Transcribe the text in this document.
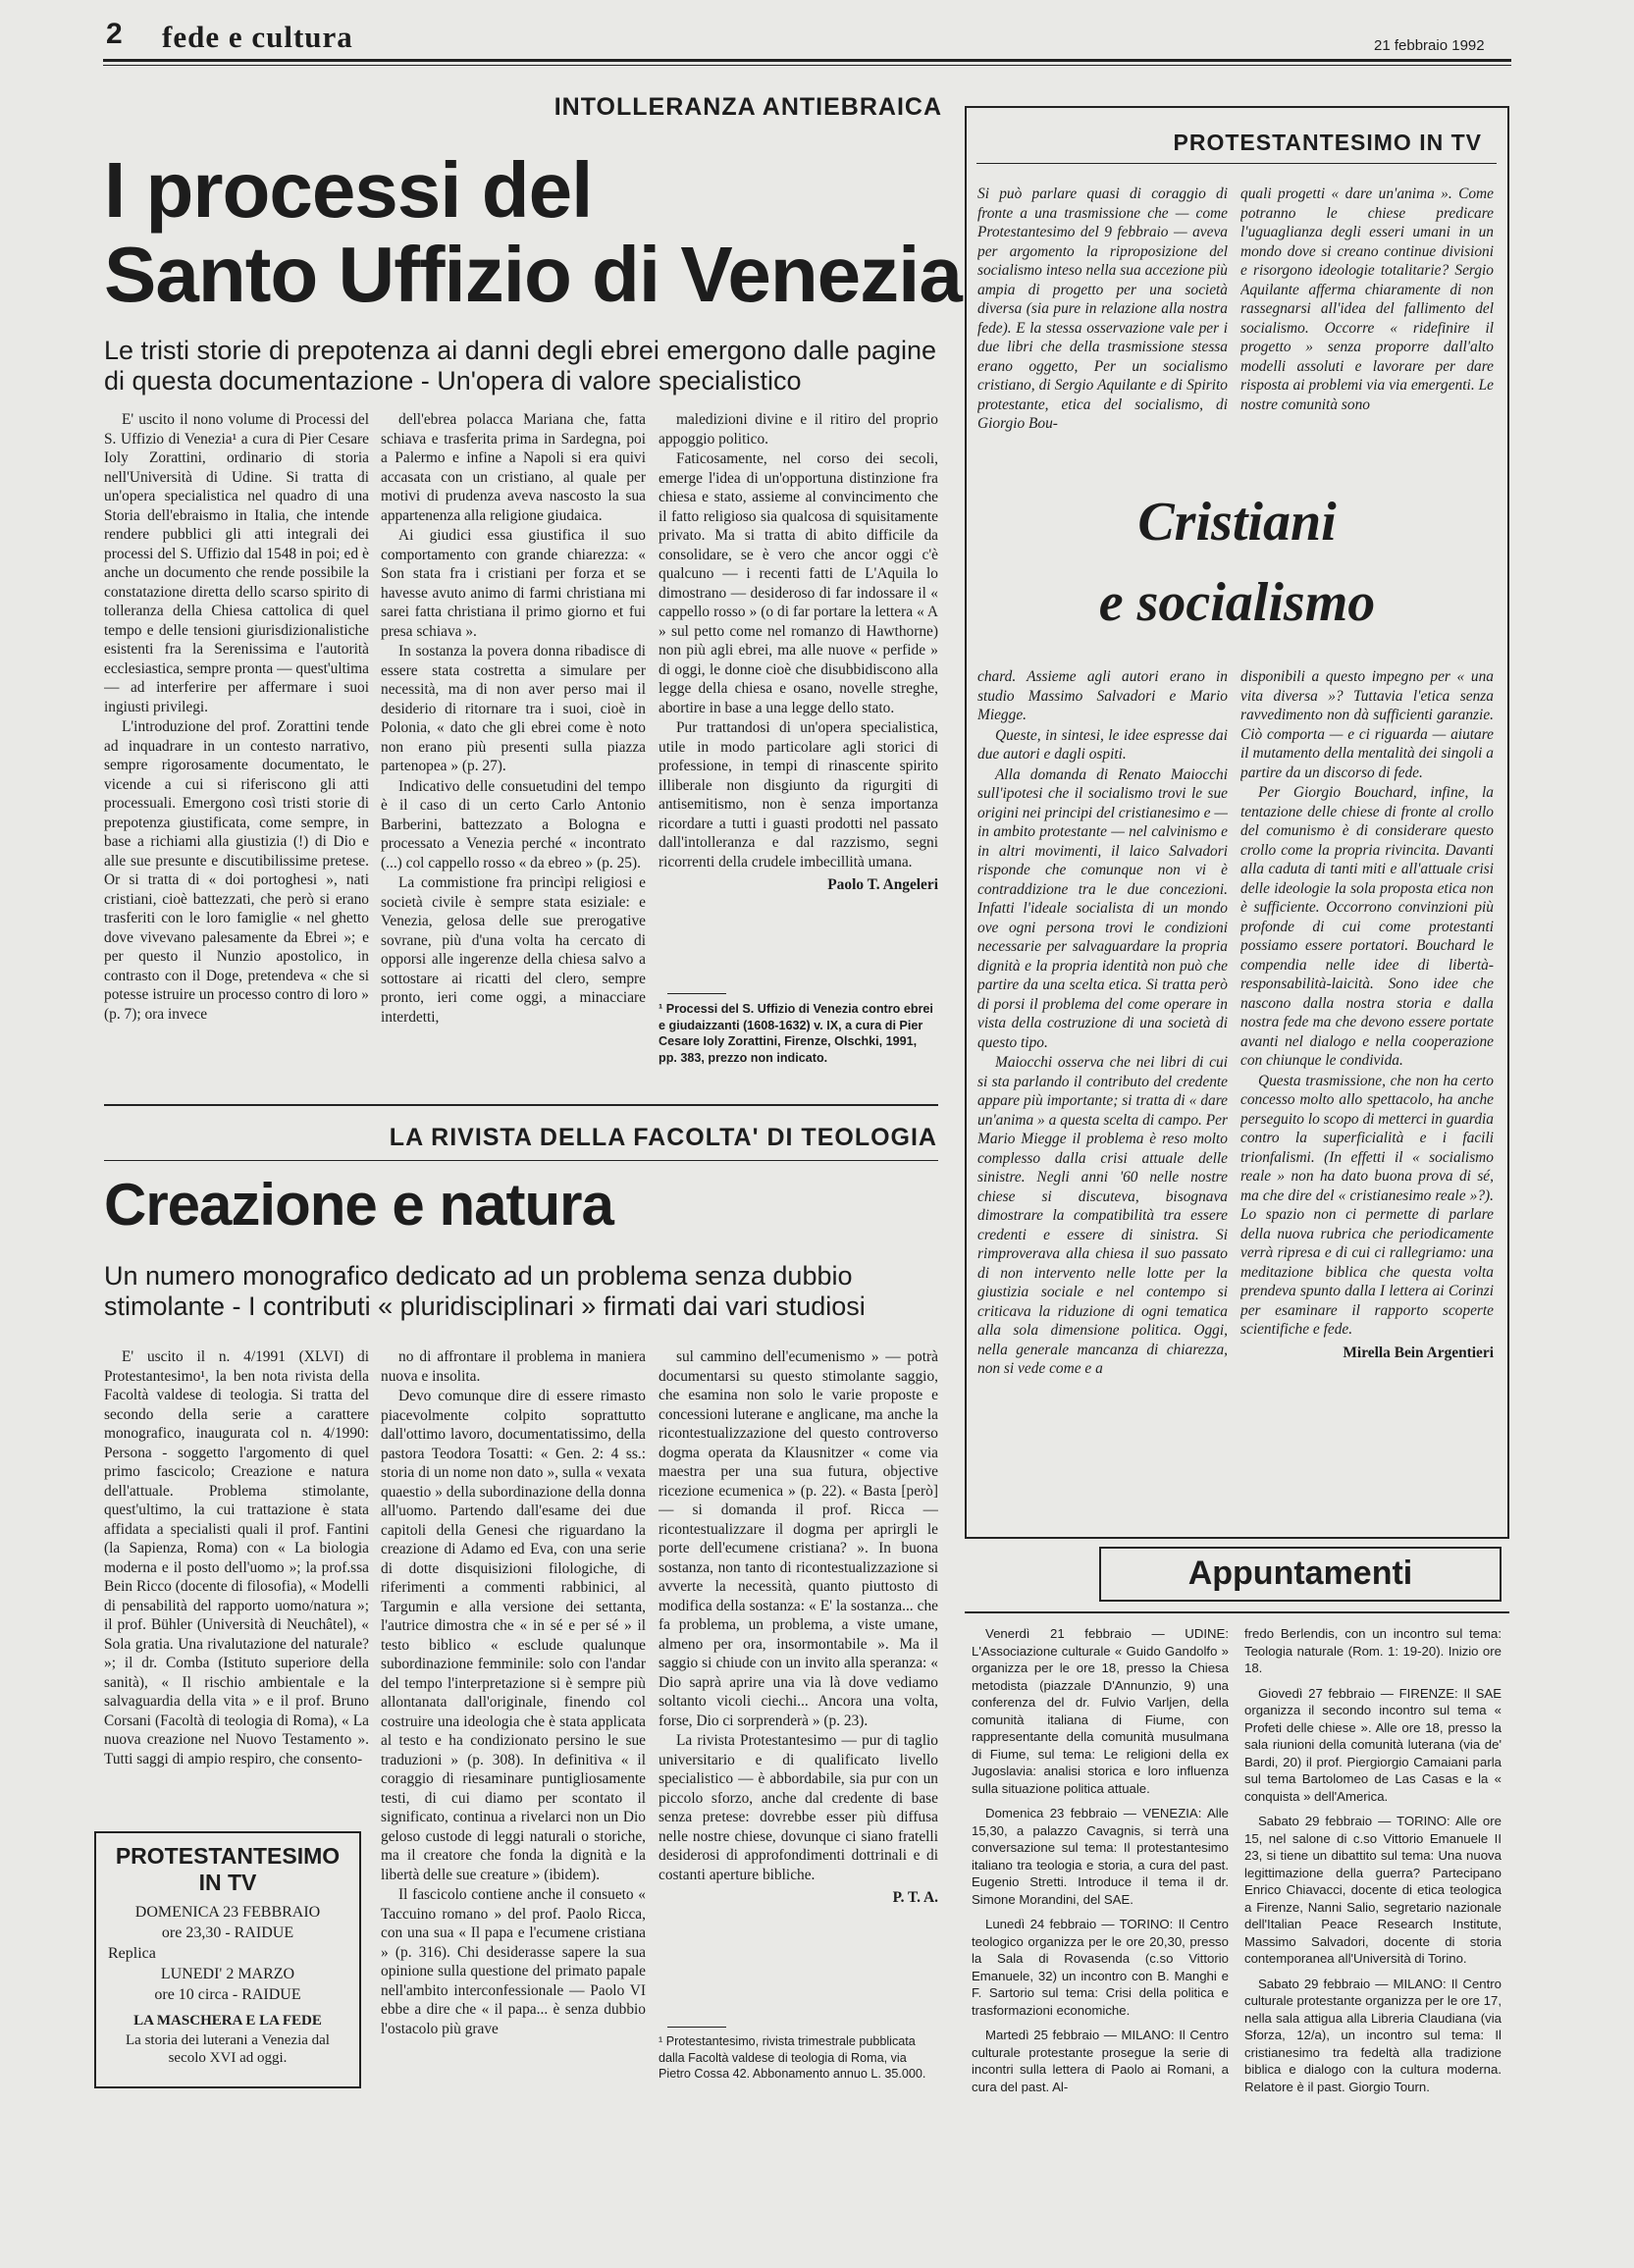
2 fede e cultura	21 febbraio 1992
INTOLLERANZA ANTIEBRAICA
I processi del
Santo Uffizio di Venezia
Le tristi storie di prepotenza ai danni degli ebrei emergono dalle pagine di questa documentazione - Un'opera di valore specialistico

E' uscito il nono volume di Processi del S. Uffizio di Venezia¹ a cura di Pier Cesare Ioly Zorattini, ordinario di storia nell'Università di Udine. Si tratta di un'opera specialistica nel quadro di una Storia dell'ebraismo in Italia, che intende rendere pubblici gli atti integrali dei processi del S. Uffizio dal 1548 in poi; ed è anche un documento che rende possibile la constatazione diretta dello scarso spirito di tolleranza della Chiesa cattolica di quel tempo e delle tensioni giurisdizionalistiche esistenti fra la Serenissima e l'autorità ecclesiastica, sempre pronta — quest'ultima — ad interferire per affermare i suoi ingiusti privilegi.

L'introduzione del prof. Zorattini tende ad inquadrare in un contesto narrativo, sempre rigorosamente documentato, le vicende a cui si riferiscono gli atti processuali. Emergono così tristi storie di prepotenza giustificata, come sempre, in base a richiami alla giustizia (!) di Dio e alle sue presunte e discutibilissime pretese. Or si tratta di « doi portoghesi », nati cristiani, cioè battezzati, che però si erano trasferiti con le loro famiglie « nel ghetto dove vivevano palesamente da Ebrei »; e per questo il Nunzio apostolico, in contrasto con il Doge, pretendeva « che si potesse istruire un processo contro di loro » (p. 7); ora invece

dell'ebrea polacca Mariana che, fatta schiava e trasferita prima in Sardegna, poi a Palermo e infine a Napoli si era quivi accasata con un cristiano, al quale per motivi di prudenza aveva nascosto la sua appartenenza alla religione giudaica.

Ai giudici essa giustifica il suo comportamento con grande chiarezza: « Son stata fra i cristiani per forza et se havesse avuto animo di farmi christiana mi sarei fatta christiana il primo giorno et fui presa schiava ».

In sostanza la povera donna ribadisce di essere stata costretta a simulare per necessità, ma di non aver perso mai il desiderio di ritornare tra i suoi, cioè in Polonia, « dato che gli ebrei come è noto non erano più presenti sulla piazza partenopea » (p. 27).

Indicativo delle consuetudini del tempo è il caso di un certo Carlo Antonio Barberini, battezzato a Bologna e processato a Venezia perché « incontrato (...) col cappello rosso « da ebreo » (p. 25).

La commistione fra princìpi religiosi e società civile è sempre stata esiziale: e Venezia, gelosa delle sue prerogative sovrane, più d'una volta ha cercato di opporsi alle ingerenze della chiesa salvo a sottostare ai ricatti del clero, sempre pronto, ieri come oggi, a minacciare interdetti,

maledizioni divine e il ritiro del proprio appoggio politico.

Faticosamente, nel corso dei secoli, emerge l'idea di un'opportuna distinzione fra chiesa e stato, assieme al convincimento che il fatto religioso sia qualcosa di squisitamente privato. Ma si tratta di abito difficile da consolidare, se è vero che ancor oggi c'è qualcuno — i recenti fatti de L'Aquila lo dimostrano — desideroso di far indossare il « cappello rosso » (o di far portare la lettera « A » sul petto come nel romanzo di Hawthorne) non più agli ebrei, ma alle nuove « perfide » di oggi, le donne cioè che disubbidiscono alla legge della chiesa e osano, novelle streghe, abortire in base a una legge dello stato.

Pur trattandosi di un'opera specialistica, utile in modo particolare agli storici di professione, in tempi di rinascente spirito illiberale non disgiunto da rigurgiti di antisemitismo, non è senza importanza ricordare a tutti i guasti prodotti nel passato dall'intolleranza e dal razzismo, segni ricorrenti della crudele imbecillità umana.

Paolo T. Angeleri

¹ Processi del S. Uffizio di Venezia contro ebrei e giudaizzanti (1608-1632) v. IX, a cura di Pier Cesare Ioly Zorattini, Firenze, Olschki, 1991, pp. 383, prezzo non indicato.
LA RIVISTA DELLA FACOLTA' DI TEOLOGIA
Creazione e natura
Un numero monografico dedicato ad un problema senza dubbio stimolante - I contributi « pluridisciplinari » firmati dai vari studiosi

E' uscito il n. 4/1991 (XLVI) di Protestantesimo¹, la ben nota rivista della Facoltà valdese di teologia. Si tratta del secondo della serie a carattere monografico, inaugurata col n. 4/1990: Persona - soggetto l'argomento di quel primo fascicolo; Creazione e natura dell'attuale. Problema stimolante, quest'ultimo, la cui trattazione è stata affidata a specialisti quali il prof. Fantini (la Sapienza, Roma) con « La biologia moderna e il posto dell'uomo »; la prof.ssa Bein Ricco (docente di filosofia), « Modelli di pensabilità del rapporto uomo/natura »; il prof. Bühler (Università di Neuchâtel), « Sola gratia. Una rivalutazione del naturale? »; il dr. Comba (Istituto superiore della sanità), « Il rischio ambientale e la salvaguardia della vita » e il prof. Bruno Corsani (Facoltà di teologia di Roma), « La nuova creazione nel Nuovo Testamento ». Tutti saggi di ampio respiro, che consento-

no di affrontare il problema in maniera nuova e insolita.

Devo comunque dire di essere rimasto piacevolmente colpito soprattutto dall'ottimo lavoro, documentatissimo, della pastora Teodora Tosatti: « Gen. 2: 4 ss.: storia di un nome non dato », sulla « vexata quaestio » della subordinazione della donna all'uomo. Partendo dall'esame dei due capitoli della Genesi che riguardano la creazione di Adamo ed Eva, con una serie di dotte disquisizioni filologiche, di riferimenti a commenti rabbinici, al Targumin e alla versione dei settanta, l'autrice dimostra che « in sé e per sé » il testo biblico « esclude qualunque subordinazione femminile: solo con l'andar del tempo l'interpretazione si è sempre più allontanata dall'originale, finendo col costruire una ideologia che è stata applicata al testo e ha condizionato persino le sue traduzioni » (p. 308). In definitiva « il coraggio di riesaminare puntigliosamente testi, di cui diamo per scontato il significato, continua a rivelarci non un Dio geloso custode di leggi naturali o storiche, ma il creatore che fonda la dignità e la libertà delle sue creature » (ibidem).

Il fascicolo contiene anche il consueto « Taccuino romano » del prof. Paolo Ricca, con una sua « Il papa e l'ecumene cristiana » (p. 316). Chi desiderasse sapere la sua opinione sulla questione del primato papale nell'ambito interconfessionale — Paolo VI ebbe a dire che « il papa... è senza dubbio l'ostacolo più grave

sul cammino dell'ecumenismo » — potrà documentarsi su questo stimolante saggio, che esamina non solo le varie proposte e concessioni luterane e anglicane, ma anche la ricontestualizzazione del questo controverso dogma operata da Klausnitzer « come via maestra per una sua futura, objective ricezione ecumenica » (p. 22). « Basta [però] — si domanda il prof. Ricca — ricontestualizzare il dogma per aprirgli le porte dell'ecumene cristiana? ». In buona sostanza, non tanto di ricontestualizzazione si avverte la necessità, quanto piuttosto di modifica della sostanza: « E' la sostanza... che fa problema, un problema, a viste umane, almeno per ora, insormontabile ». Ma il saggio si chiude con un invito alla speranza: « Dio saprà aprire una via là dove vediamo soltanto vicoli ciechi... Ancora una volta, forse, Dio ci sorprenderà » (p. 23).

La rivista Protestantesimo — pur di taglio universitario e di qualificato livello specialistico — è abbordabile, sia pur con un piccolo sforzo, anche dal credente di base senza pretese: dovrebbe esser più diffusa nelle nostre chiese, dovunque ci siano fratelli desiderosi di approfondimenti dottrinali e di costanti aperture bibliche.

P. T. A.

¹ Protestantesimo, rivista trimestrale pubblicata dalla Facoltà valdese di teologia di Roma, via Pietro Cossa 42. Abbonamento annuo L. 35.000.
PROTESTANTESIMO
IN TV
DOMENICA 23 FEBBRAIO
ore 23,30 - RAIDUE
Replica
LUNEDI' 2 MARZO
ore 10 circa - RAIDUE
LA MASCHERA E LA FEDE
La storia dei luterani a Venezia dal secolo XVI ad oggi.
PROTESTANTESIMO IN TV

Si può parlare quasi di coraggio di fronte a una trasmissione che — come Protestantesimo del 9 febbraio — aveva per argomento la riproposizione del socialismo inteso nella sua accezione più ampia di progetto per una società diversa (sia pure in relazione alla nostra fede). E la stessa osservazione vale per i due libri che della trasmissione stessa erano oggetto, Per un socialismo cristiano, di Sergio Aquilante e di Spirito protestante, etica del socialismo, di Giorgio Bou-

quali progetti « dare un'anima ». Come potranno le chiese predicare l'uguaglianza degli esseri umani in un mondo dove si creano continue divisioni e risorgono ideologie totalitarie? Sergio Aquilante afferma chiaramente di non rassegnarsi all'idea del fallimento del socialismo. Occorre « ridefinire il progetto » senza proporre dall'alto modelli assoluti e lavorare per dare risposta ai problemi via via emergenti. Le nostre comunità sono

Cristiani
e socialismo

chard. Assieme agli autori erano in studio Massimo Salvadori e Mario Miegge.

Queste, in sintesi, le idee espresse dai due autori e dagli ospiti.

Alla domanda di Renato Maiocchi sull'ipotesi che il socialismo trovi le sue origini nei principi del cristianesimo e — in ambito protestante — nel calvinismo e in altri movimenti, il laico Salvadori risponde che comunque non vi è contraddizione tra le due concezioni. Infatti l'ideale socialista di un mondo ove ogni persona trovi le condizioni necessarie per salvaguardare la propria dignità e la propria identità non può che partire da una scelta etica. Si tratta però di porsi il problema del come operare in vista della costruzione di una società di questo tipo.

Maiocchi osserva che nei libri di cui si sta parlando il contributo del credente appare più importante; si tratta di « dare un'anima » a questa scelta di campo. Per Mario Miegge il problema è reso molto complesso dalla crisi attuale delle sinistre. Negli anni '60 nelle nostre chiese si discuteva, bisognava dimostrare la compatibilità tra essere credenti e essere di sinistra. Si rimproverava alla chiesa il suo passato di non intervento nelle lotte per la giustizia sociale e nel contempo si criticava la riduzione di ogni tematica alla sola dimensione politica. Oggi, nella generale mancanza di chiarezza, non si vede come e a

disponibili a questo impegno per « una vita diversa »? Tuttavia l'etica senza ravvedimento non dà sufficienti garanzie. Ciò comporta — e ci riguarda — aiutare il mutamento della mentalità dei singoli a partire da un discorso di fede.

Per Giorgio Bouchard, infine, la tentazione delle chiese di fronte al crollo del comunismo è di considerare questo crollo come la propria rivincita. Davanti alla caduta di tanti miti e all'attuale crisi delle ideologie la sola proposta etica non è sufficiente. Occorrono convinzioni più profonde di cui come protestanti possiamo essere portatori. Bouchard le compendia nelle idee di libertà-responsabilità-laicità. Sono idee che nascono dalla nostra storia e dalla nostra fede ma che devono essere portate avanti nel dialogo e nella cooperazione con chiunque le condivida.

Questa trasmissione, che non ha certo concesso molto allo spettacolo, ha anche perseguito lo scopo di metterci in guardia contro la superficialità e i facili trionfalismi. (In effetti il « socialismo reale » non ha dato buona prova di sé, ma che dire del « cristianesimo reale »?). Lo spazio non ci permette di parlare della nuova rubrica che periodicamente verrà ripresa e di cui ci rallegriamo: una meditazione biblica che questa volta prendeva spunto dalla I lettera ai Corinzi per esaminare il rapporto scoperte scientifiche e fede.

Mirella Bein Argentieri

Appuntamenti

Venerdì 21 febbraio — UDINE: L'Associazione culturale « Guido Gandolfo » organizza per le ore 18, presso la Chiesa metodista (piazzale D'Annunzio, 9) una conferenza del dr. Fulvio Varljen, della comunità italiana di Fiume, con rappresentante della comunità musulmana di Fiume, sul tema: Le religioni della ex Jugoslavia: analisi storica e loro influenza sulla situazione politica attuale.

Domenica 23 febbraio — VENEZIA: Alle 15,30, a palazzo Cavagnis, si terrà una conversazione sul tema: Il protestantesimo italiano tra teologia e storia, a cura del past. Eugenio Stretti. Introduce il tema il dr. Simone Morandini, del SAE.

Lunedì 24 febbraio — TORINO: Il Centro teologico organizza per le ore 20,30, presso la Sala di Rovasenda (c.so Vittorio Emanuele, 32) un incontro con B. Manghi e F. Sartorio sul tema: Crisi della politica e trasformazioni economiche.

Martedì 25 febbraio — MILANO: Il Centro culturale protestante prosegue la serie di incontri sulla lettera di Paolo ai Romani, a cura del past. Al-

fredo Berlendis, con un incontro sul tema: Teologia naturale (Rom. 1: 19-20). Inizio ore 18.

Giovedì 27 febbraio — FIRENZE: Il SAE organizza il secondo incontro sul tema « Profeti delle chiese ». Alle ore 18, presso la sala riunioni della comunità luterana (via de' Bardi, 20) il prof. Piergiorgio Camaiani parla sul tema Bartolomeo de Las Casas e la « conquista » dell'America.

Sabato 29 febbraio — TORINO: Alle ore 15, nel salone di c.so Vittorio Emanuele II 23, si tiene un dibattito sul tema: Una nuova legittimazione della guerra? Partecipano Enrico Chiavacci, docente di etica teologica a Firenze, Nanni Salio, segretario nazionale dell'Italian Peace Research Institute, Massimo Salvadori, docente di storia contemporanea all'Università di Torino.

Sabato 29 febbraio — MILANO: Il Centro culturale protestante organizza per le ore 17, nella sala attigua alla Libreria Claudiana (via Sforza, 12/a), un incontro sul tema: Il cristianesimo tra fedeltà alla tradizione biblica e dialogo con la cultura moderna. Relatore è il past. Giorgio Tourn.
